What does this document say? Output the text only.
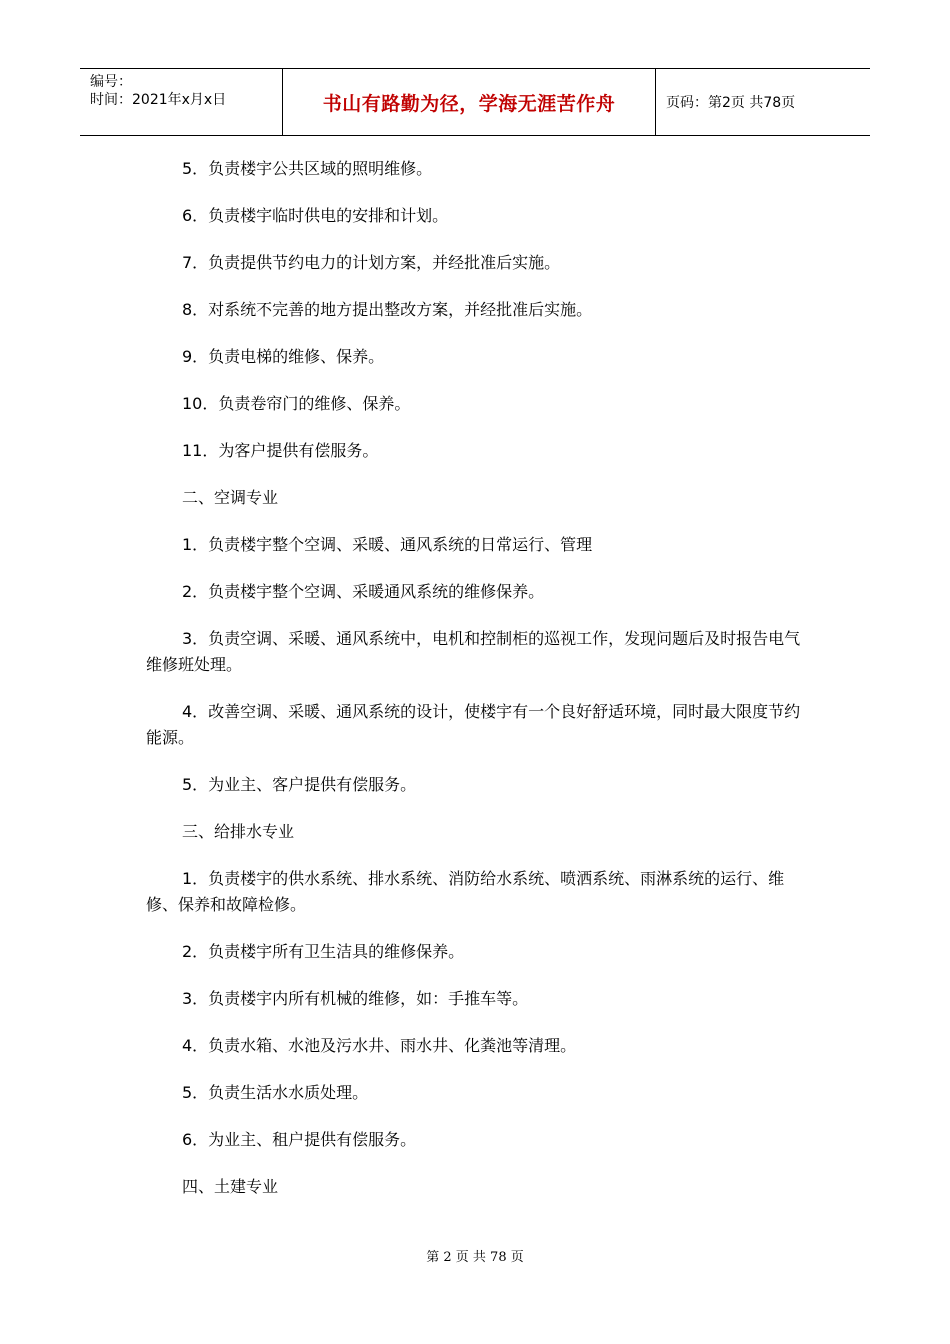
编号：
时间：2021年x月x日	书山有路勤为径，学海无涯苦作舟	页码：第2页 共78页

5．负责楼宇公共区域的照明维修。

6．负责楼宇临时供电的安排和计划。

7．负责提供节约电力的计划方案，并经批准后实施。

8．对系统不完善的地方提出整改方案，并经批准后实施。

9．负责电梯的维修、保养。

10．负责卷帘门的维修、保养。

11．为客户提供有偿服务。

二、空调专业

1．负责楼宇整个空调、采暖、通风系统的日常运行、管理

2．负责楼宇整个空调、采暖通风系统的维修保养。

3．负责空调、采暖、通风系统中，电机和控制柜的巡视工作，发现问题后及时报告电气维修班处理。

4．改善空调、采暖、通风系统的设计，使楼宇有一个良好舒适环境，同时最大限度节约能源。

5．为业主、客户提供有偿服务。

三、给排水专业

1．负责楼宇的供水系统、排水系统、消防给水系统、喷洒系统、雨淋系统的运行、维修、保养和故障检修。

2．负责楼宇所有卫生洁具的维修保养。

3．负责楼宇内所有机械的维修，如：手推车等。

4．负责水箱、水池及污水井、雨水井、化粪池等清理。

5．负责生活水水质处理。

6．为业主、租户提供有偿服务。

四、土建专业

第 2 页 共 78 页
